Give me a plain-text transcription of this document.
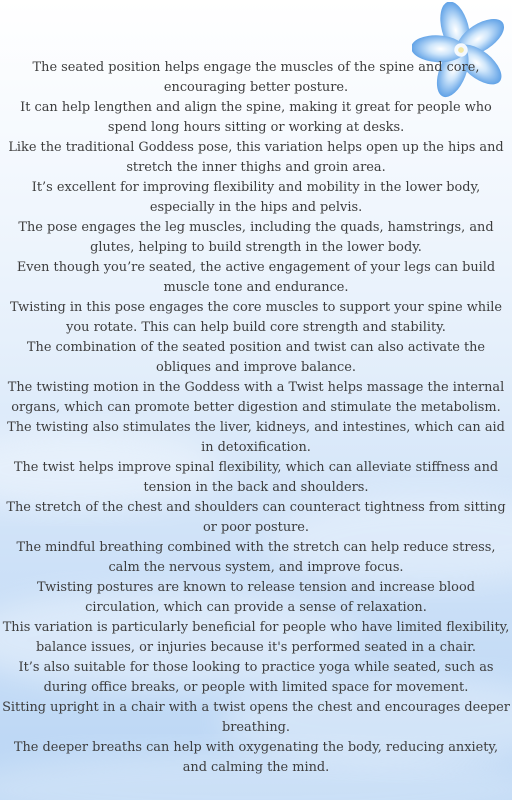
The seated position helps engage the muscles of the spine and core, encouraging better posture.

It can help lengthen and align the spine, making it great for people who spend long hours sitting or working at desks.

Like the traditional Goddess pose, this variation helps open up the hips and stretch the inner thighs and groin area.

It’s excellent for improving flexibility and mobility in the lower body, especially in the hips and pelvis.

The pose engages the leg muscles, including the quads, hamstrings, and glutes, helping to build strength in the lower body.

Even though you’re seated, the active engagement of your legs can build muscle tone and endurance.

Twisting in this pose engages the core muscles to support your spine while you rotate. This can help build core strength and stability.

The combination of the seated position and twist can also activate the obliques and improve balance.

The twisting motion in the Goddess with a Twist helps massage the internal organs, which can promote better digestion and stimulate the metabolism.

The twisting also stimulates the liver, kidneys, and intestines, which can aid in detoxification.

The twist helps improve spinal flexibility, which can alleviate stiffness and tension in the back and shoulders.

The stretch of the chest and shoulders can counteract tightness from sitting or poor posture.

The mindful breathing combined with the stretch can help reduce stress, calm the nervous system, and improve focus.

Twisting postures are known to release tension and increase blood circulation, which can provide a sense of relaxation.

This variation is particularly beneficial for people who have limited flexibility, balance issues, or injuries because it's performed seated in a chair.

It’s also suitable for those looking to practice yoga while seated, such as during office breaks, or people with limited space for movement.

Sitting upright in a chair with a twist opens the chest and encourages deeper breathing.

The deeper breaths can help with oxygenating the body, reducing anxiety, and calming the mind.
